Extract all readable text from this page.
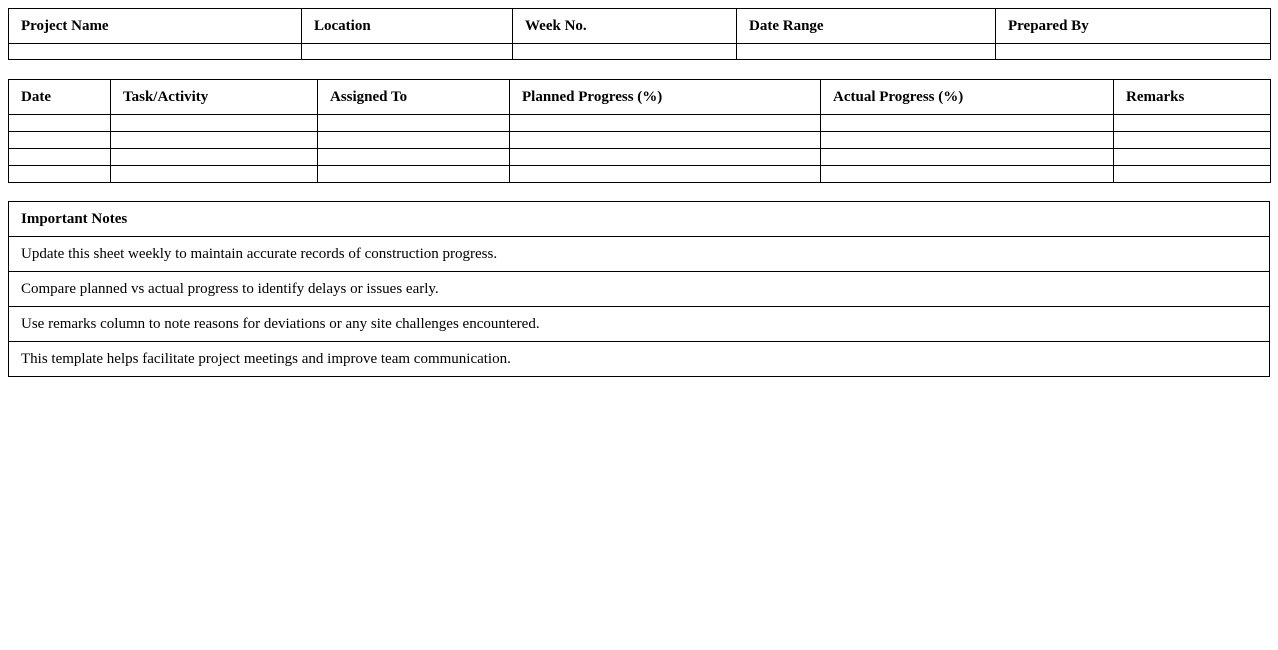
Project Name	Location	Week No.	Date Range	Prepared By

Date	Task/Activity	Assigned To	Planned Progress (%)	Actual Progress (%)	Remarks

Important Notes
Update this sheet weekly to maintain accurate records of construction progress.
Compare planned vs actual progress to identify delays or issues early.
Use remarks column to note reasons for deviations or any site challenges encountered.
This template helps facilitate project meetings and improve team communication.
